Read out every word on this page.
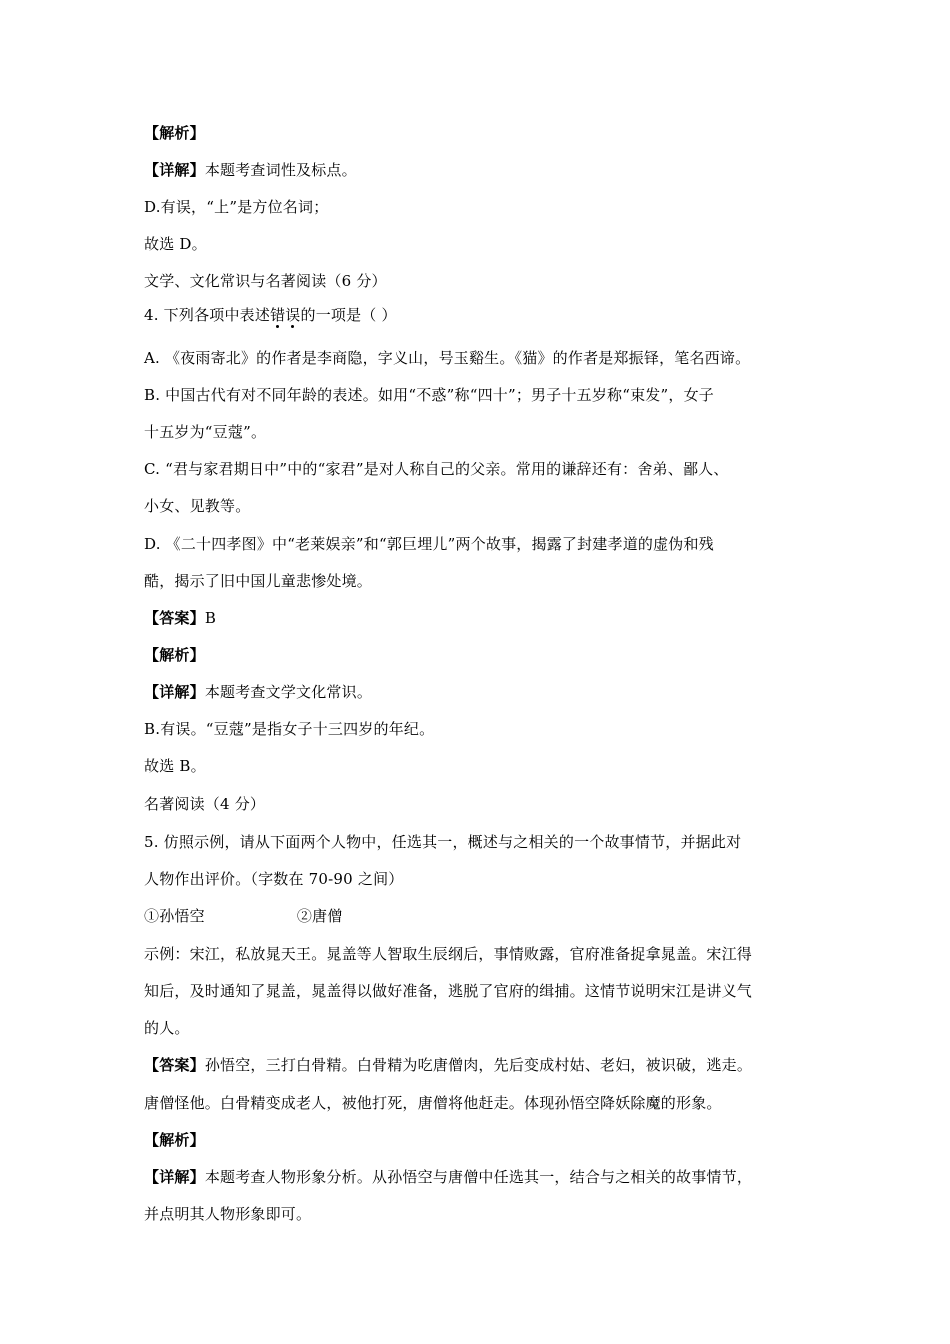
【解析】
【详解】本题考查词性及标点。
D.有误，“上”是方位名词；
故选 D。
文学、文化常识与名著阅读（6 分）
4. 下列各项中表述错误的一项是（ ）
A. 《夜雨寄北》的作者是李商隐，字义山，号玉谿生。《猫》的作者是郑振铎，笔名西谛。
B. 中国古代有对不同年龄的表述。如用“不惑”称“四十”；男子十五岁称“束发”，女子
十五岁为“豆蔻”。
C. “君与家君期日中”中的“家君”是对人称自己的父亲。常用的谦辞还有：舍弟、鄙人、
小女、见教等。
D. 《二十四孝图》中“老莱娱亲”和“郭巨埋儿”两个故事，揭露了封建孝道的虚伪和残
酷，揭示了旧中国儿童悲惨处境。
【答案】B
【解析】
【详解】本题考查文学文化常识。
B.有误。“豆蔻”是指女子十三四岁的年纪。
故选 B。
名著阅读（4 分）
5. 仿照示例，请从下面两个人物中，任选其一，概述与之相关的一个故事情节，并据此对
人物作出评价。（字数在 70-90 之间）
①孙悟空	②唐僧
示例：宋江，私放晁天王。晁盖等人智取生辰纲后，事情败露，官府准备捉拿晁盖。宋江得
知后，及时通知了晁盖，晁盖得以做好准备，逃脱了官府的缉捕。这情节说明宋江是讲义气
的人。
【答案】孙悟空，三打白骨精。白骨精为吃唐僧肉，先后变成村姑、老妇，被识破，逃走。
唐僧怪他。白骨精变成老人，被他打死，唐僧将他赶走。体现孙悟空降妖除魔的形象。
【解析】
【详解】本题考查人物形象分析。从孙悟空与唐僧中任选其一，结合与之相关的故事情节，
并点明其人物形象即可。
